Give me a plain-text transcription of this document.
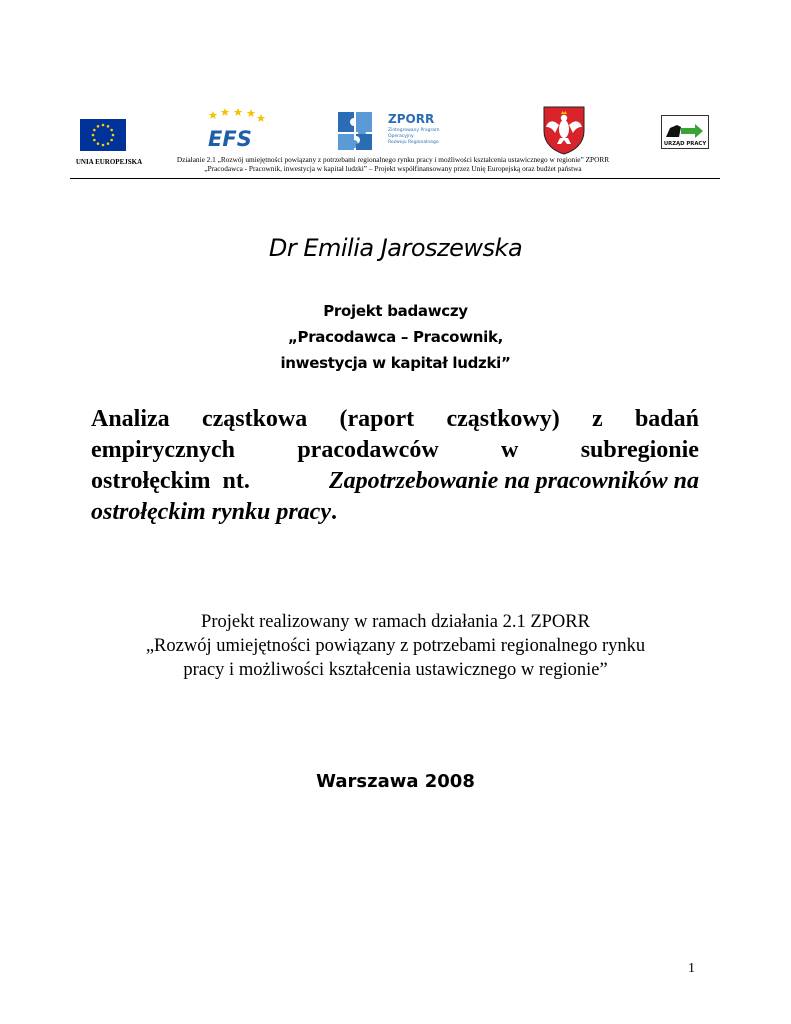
UNIA EUROPEJSKA
EFS
ZPORR
Zintegrowany Program
Operacyjny
Rozwoju Regionalnego	URZĄD PRACY
Działanie 2.1 „Rozwój umiejętności powiązany z potrzebami regionalnego rynku pracy i możliwości kształcenia ustawicznego w regionie” ZPORR
„Pracodawca - Pracownik, inwestycja w kapitał ludzki” – Projekt współfinansowany przez Unię Europejską oraz budżet państwa
Dr Emilia Jaroszewska
Projekt badawczy
„Pracodawca – Pracownik,
inwestycja w kapitał ludzki”
Analiza cząstkowa (raport cząstkowy) z badań
empirycznych	pracodawców	w	subregionie
ostrołęckim  nt.	Zapotrzebowanie na pracowników na
ostrołęckim rynku pracy .
Projekt realizowany w ramach działania 2.1 ZPORR
„Rozwój umiejętności powiązany z potrzebami regionalnego rynku
pracy i możliwości kształcenia ustawicznego w regionie”
Warszawa 2008
1
